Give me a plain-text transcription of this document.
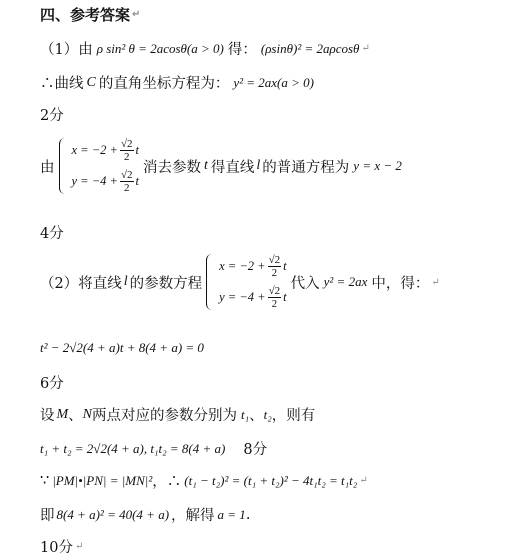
四、参考答案 ↵
（1）由 ρ sin² θ = 2acosθ(a > 0) 得： (ρsinθ)² = 2aρcosθ ↵
∴曲线 C 的直角坐标方程为： y² = 2ax(a > 0)
2分
由
$x = -2 + \frac{√2}{2}$ t
$y = -4 + \frac{√2}{2}$ t
消去参数 t 得直线 l 的普通方程为 y = x − 2
4分
（2）将直线 l 的参数方程
$x = -2 + \frac{√2}{2}$ t
$y = -4 + \frac{√2}{2}$ t
代入 y² = 2ax 中，得： ↵
t² − 2√2(4 + a)t + 8(4 + a) = 0
6分
设 M 、 N 两点对应的参数分别为 t₁ 、 t₂ ，则有
t₁ + t₂ = 2√2(4 + a), t₁t₂ = 8(4 + a) 8分
∵ |PM|•|PN| = |MN|² ，∴ (t₁ − t₂)² = (t₁ + t₂)² − 4t₁t₂ = t₁t₂ ↵
即 8(4 + a)² = 40(4 + a) ，解得 a = 1 .
10分 ↵
